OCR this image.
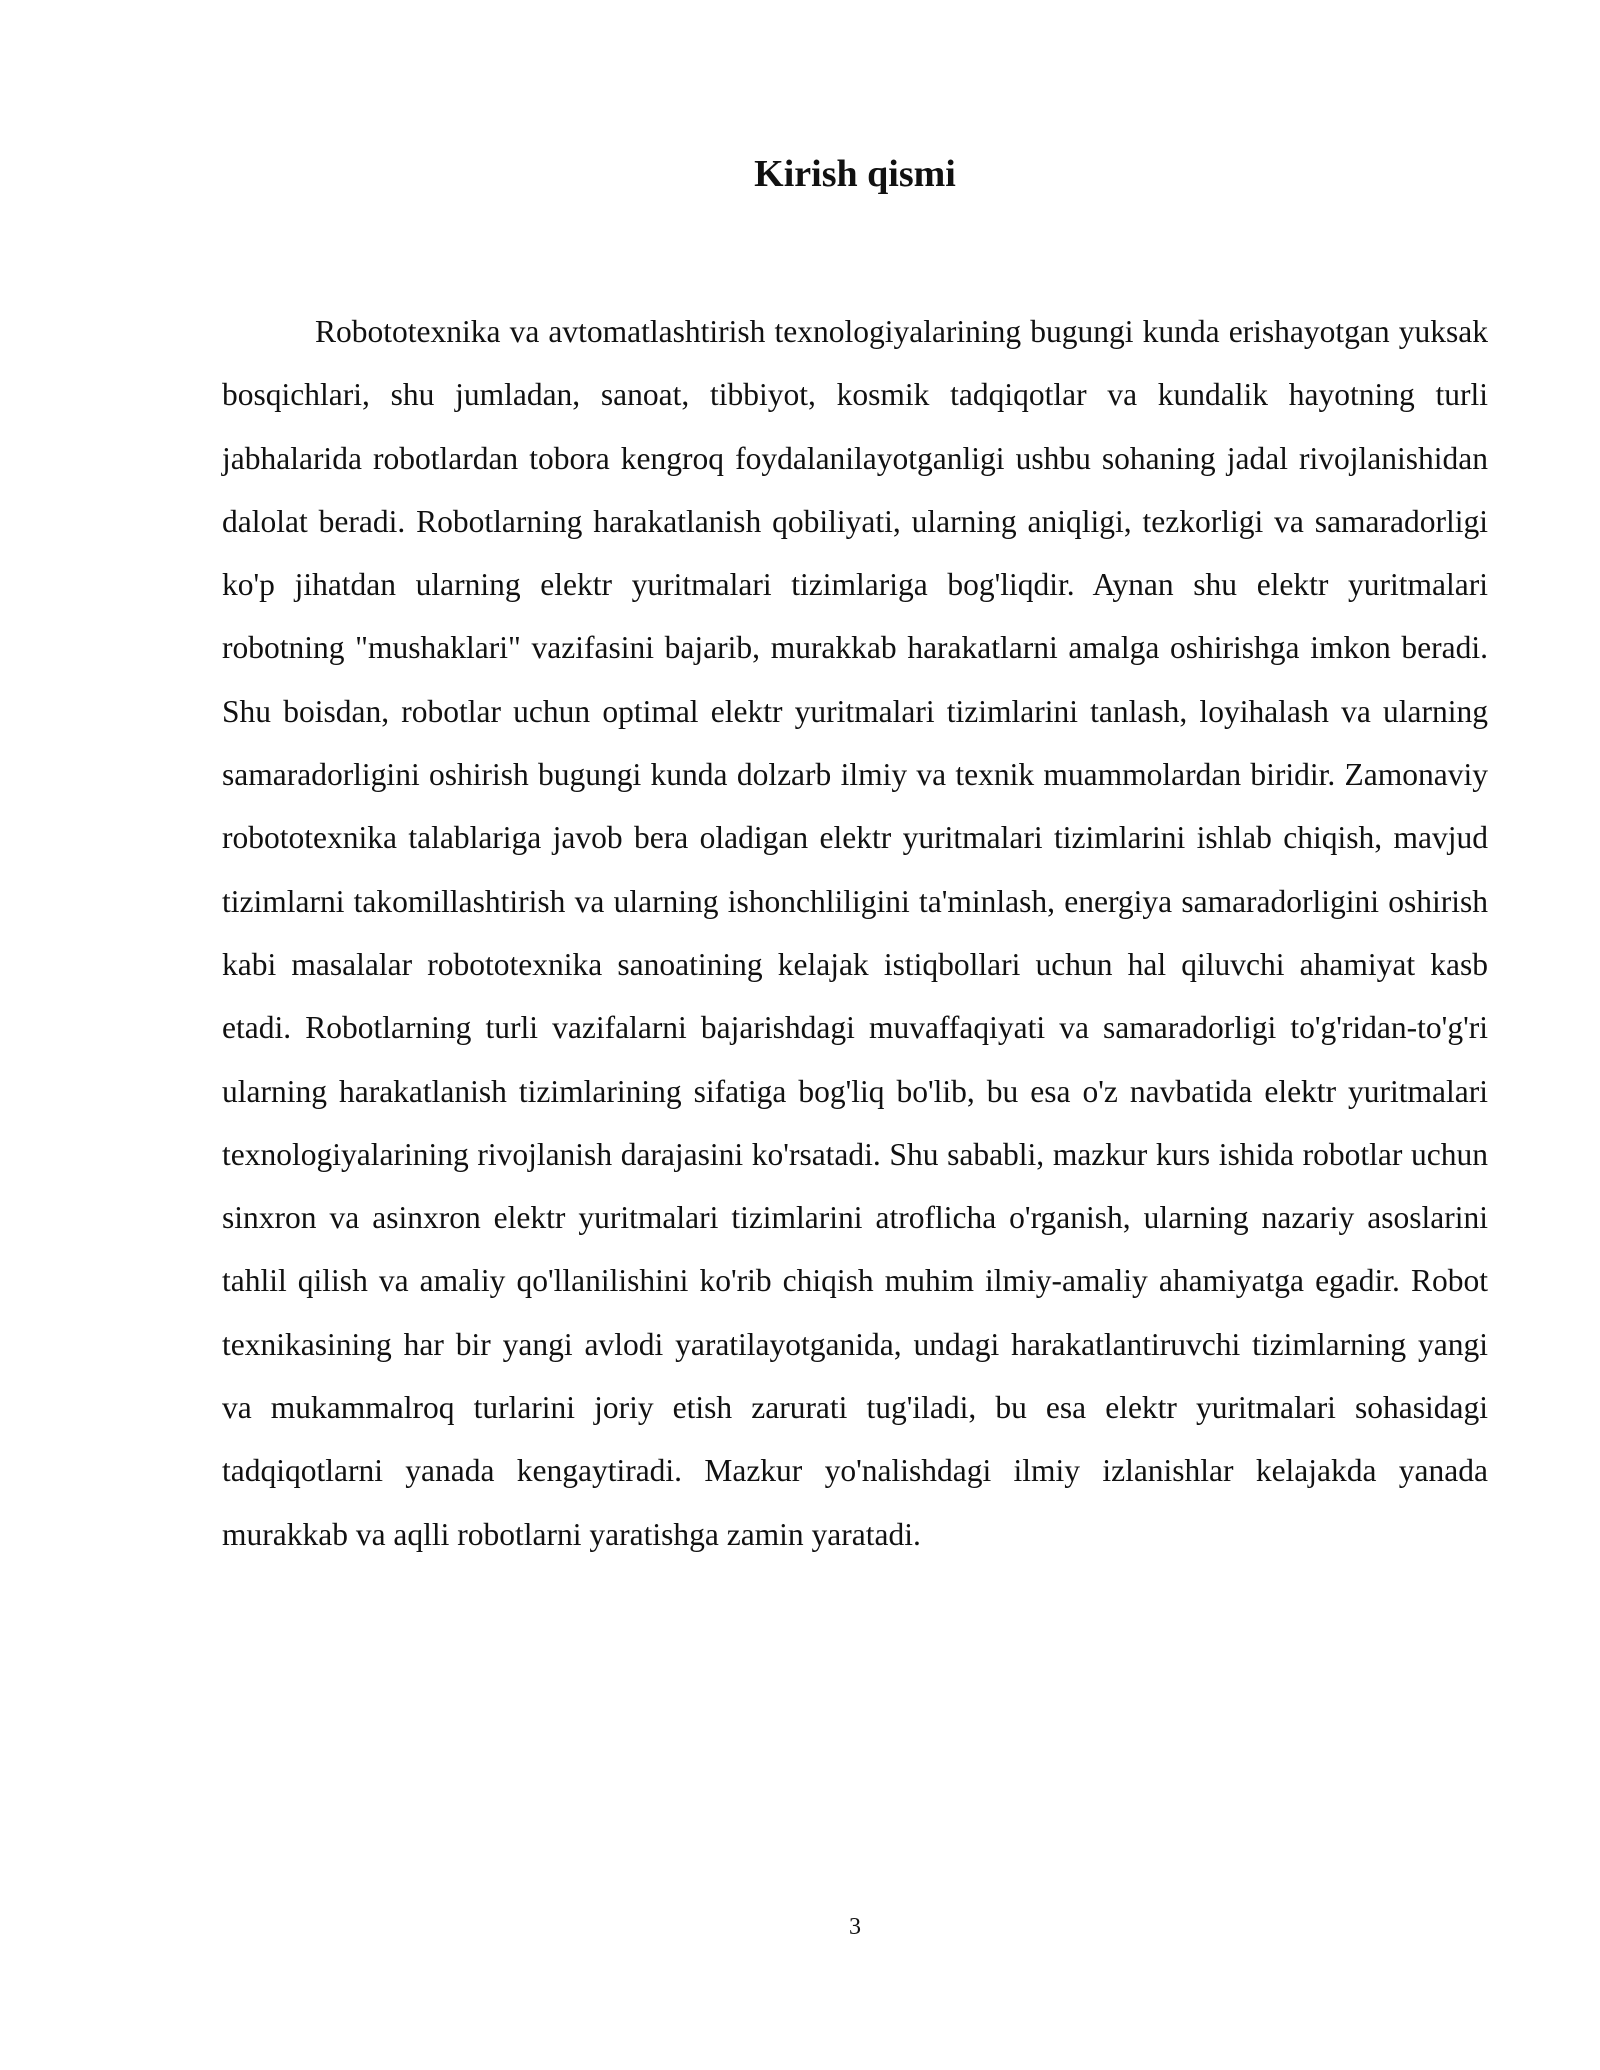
Kirish qismi

Robototexnika va avtomatlashtirish texnologiyalarining bugungi kunda erishayotgan yuksak bosqichlari, shu jumladan, sanoat, tibbiyot, kosmik tadqiqotlar va kundalik hayotning turli jabhalarida robotlardan tobora kengroq foydalanilayotganligi ushbu sohaning jadal rivojlanishidan dalolat beradi. Robotlarning harakatlanish qobiliyati, ularning aniqligi, tezkorligi va samaradorligi ko'p jihatdan ularning elektr yuritmalari tizimlariga bog'liqdir. Aynan shu elektr yuritmalari robotning "mushaklari" vazifasini bajarib, murakkab harakatlarni amalga oshirishga imkon beradi. Shu boisdan, robotlar uchun optimal elektr yuritmalari tizimlarini tanlash, loyihalash va ularning samaradorligini oshirish bugungi kunda dolzarb ilmiy va texnik muammolardan biridir. Zamonaviy robototexnika talablariga javob bera oladigan elektr yuritmalari tizimlarini ishlab chiqish, mavjud tizimlarni takomillashtirish va ularning ishonchliligini ta'minlash, energiya samaradorligini oshirish kabi masalalar robototexnika sanoatining kelajak istiqbollari uchun hal qiluvchi ahamiyat kasb etadi. Robotlarning turli vazifalarni bajarishdagi muvaffaqiyati va samaradorligi to'g'ridan-to'g'ri ularning harakatlanish tizimlarining sifatiga bog'liq bo'lib, bu esa o'z navbatida elektr yuritmalari texnologiyalarining rivojlanish darajasini ko'rsatadi. Shu sababli, mazkur kurs ishida robotlar uchun sinxron va asinxron elektr yuritmalari tizimlarini atroflicha o'rganish, ularning nazariy asoslarini tahlil qilish va amaliy qo'llanilishini ko'rib chiqish muhim ilmiy-amaliy ahamiyatga egadir. Robot texnikasining har bir yangi avlodi yaratilayotganida, undagi harakatlantiruvchi tizimlarning yangi va mukammalroq turlarini joriy etish zarurati tug'iladi, bu esa elektr yuritmalari sohasidagi tadqiqotlarni yanada kengaytiradi. Mazkur yo'nalishdagi ilmiy izlanishlar kelajakda yanada murakkab va aqlli robotlarni yaratishga zamin yaratadi.

3
